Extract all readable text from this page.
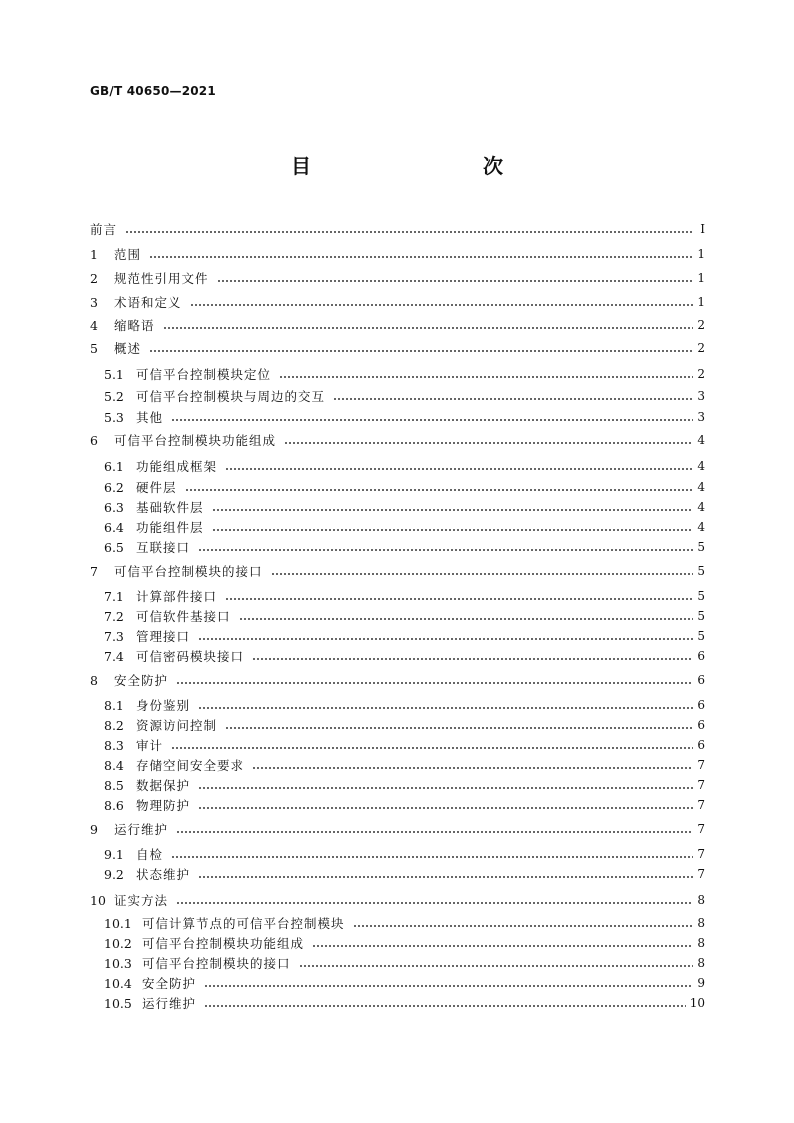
GB/T 40650—2021
目　　次
前言	Ⅰ
1	范围	1
2	规范性引用文件	1
3	术语和定义	1
4	缩略语	2
5	概述	2
5.1 可信平台控制模块定位	2
5.2 可信平台控制模块与周边的交互	3
5.3 其他	3
6	可信平台控制模块功能组成	4
6.1 功能组成框架	4
6.2 硬件层	4
6.3 基础软件层	4
6.4 功能组件层	4
6.5 互联接口	5
7	可信平台控制模块的接口	5
7.1 计算部件接口	5
7.2 可信软件基接口	5
7.3 管理接口	5
7.4 可信密码模块接口	6
8	安全防护	6
8.1 身份鉴别	6
8.2 资源访问控制	6
8.3 审计	6
8.4 存储空间安全要求	7
8.5 数据保护	7
8.6 物理防护	7
9	运行维护	7
9.1 自检	7
9.2 状态维护	7
10 证实方法	8
10.1 可信计算节点的可信平台控制模块	8
10.2 可信平台控制模块功能组成	8
10.3 可信平台控制模块的接口	8
10.4 安全防护	9
10.5 运行维护	10
